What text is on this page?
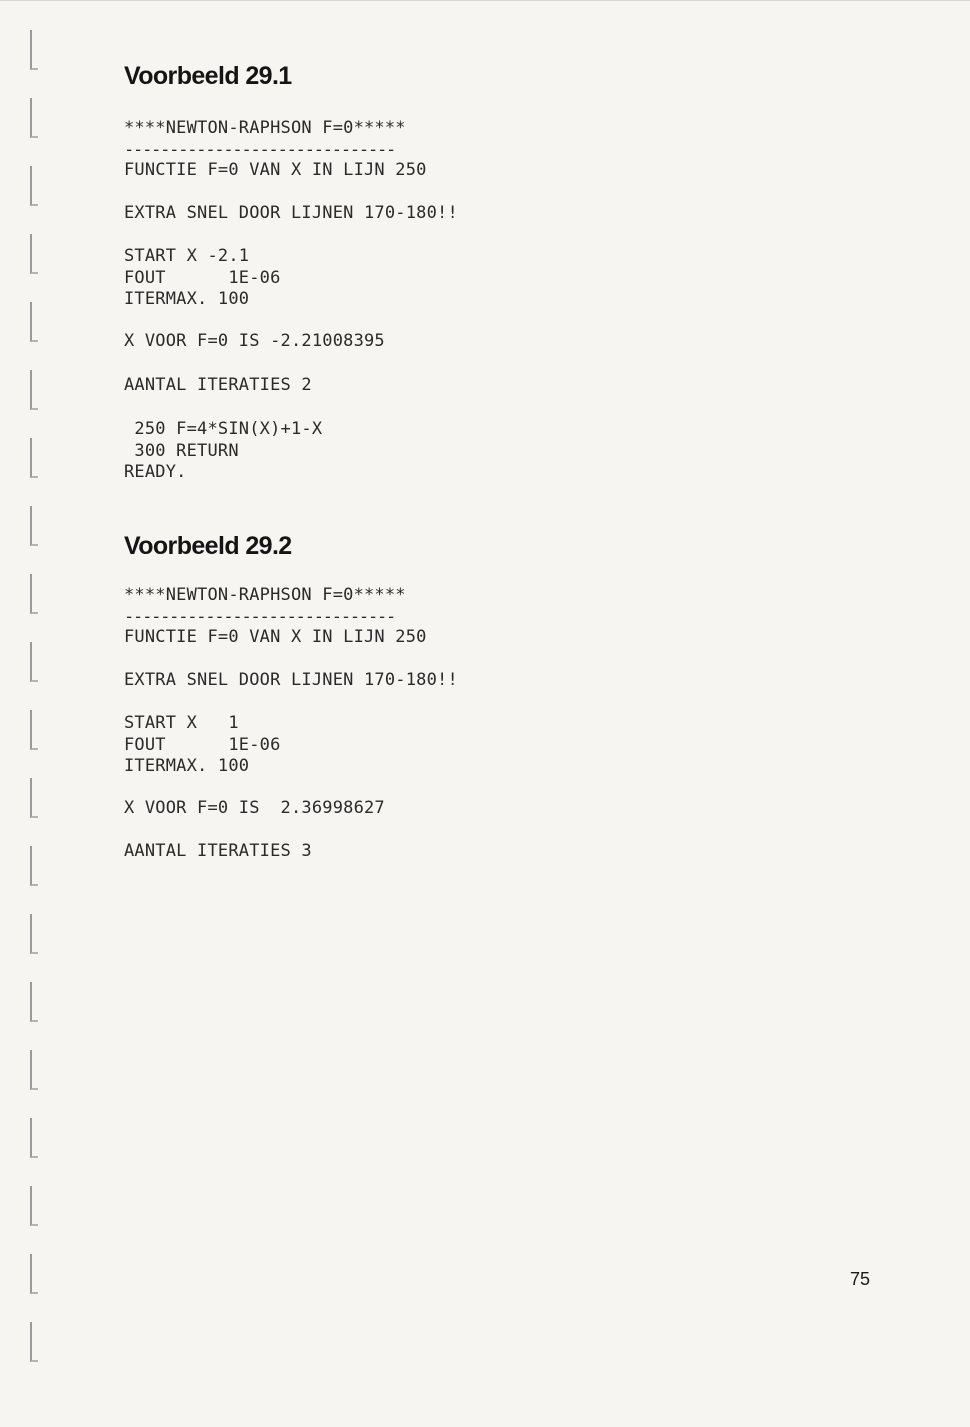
Voorbeeld 29.1
****NEWTON-RAPHSON F=0*****
------------------------------
FUNCTIE F=0 VAN X IN LIJN 250
EXTRA SNEL DOOR LIJNEN 170-180!!
START X -2.1
FOUT      1E-06
ITERMAX. 100
X VOOR F=0 IS -2.21008395
AANTAL ITERATIES 2
250 F=4*SIN(X)+1-X
300 RETURN
READY.
Voorbeeld 29.2
****NEWTON-RAPHSON F=0*****
------------------------------
FUNCTIE F=0 VAN X IN LIJN 250
EXTRA SNEL DOOR LIJNEN 170-180!!
START X   1
FOUT      1E-06
ITERMAX. 100
X VOOR F=0 IS  2.36998627
AANTAL ITERATIES 3
75
